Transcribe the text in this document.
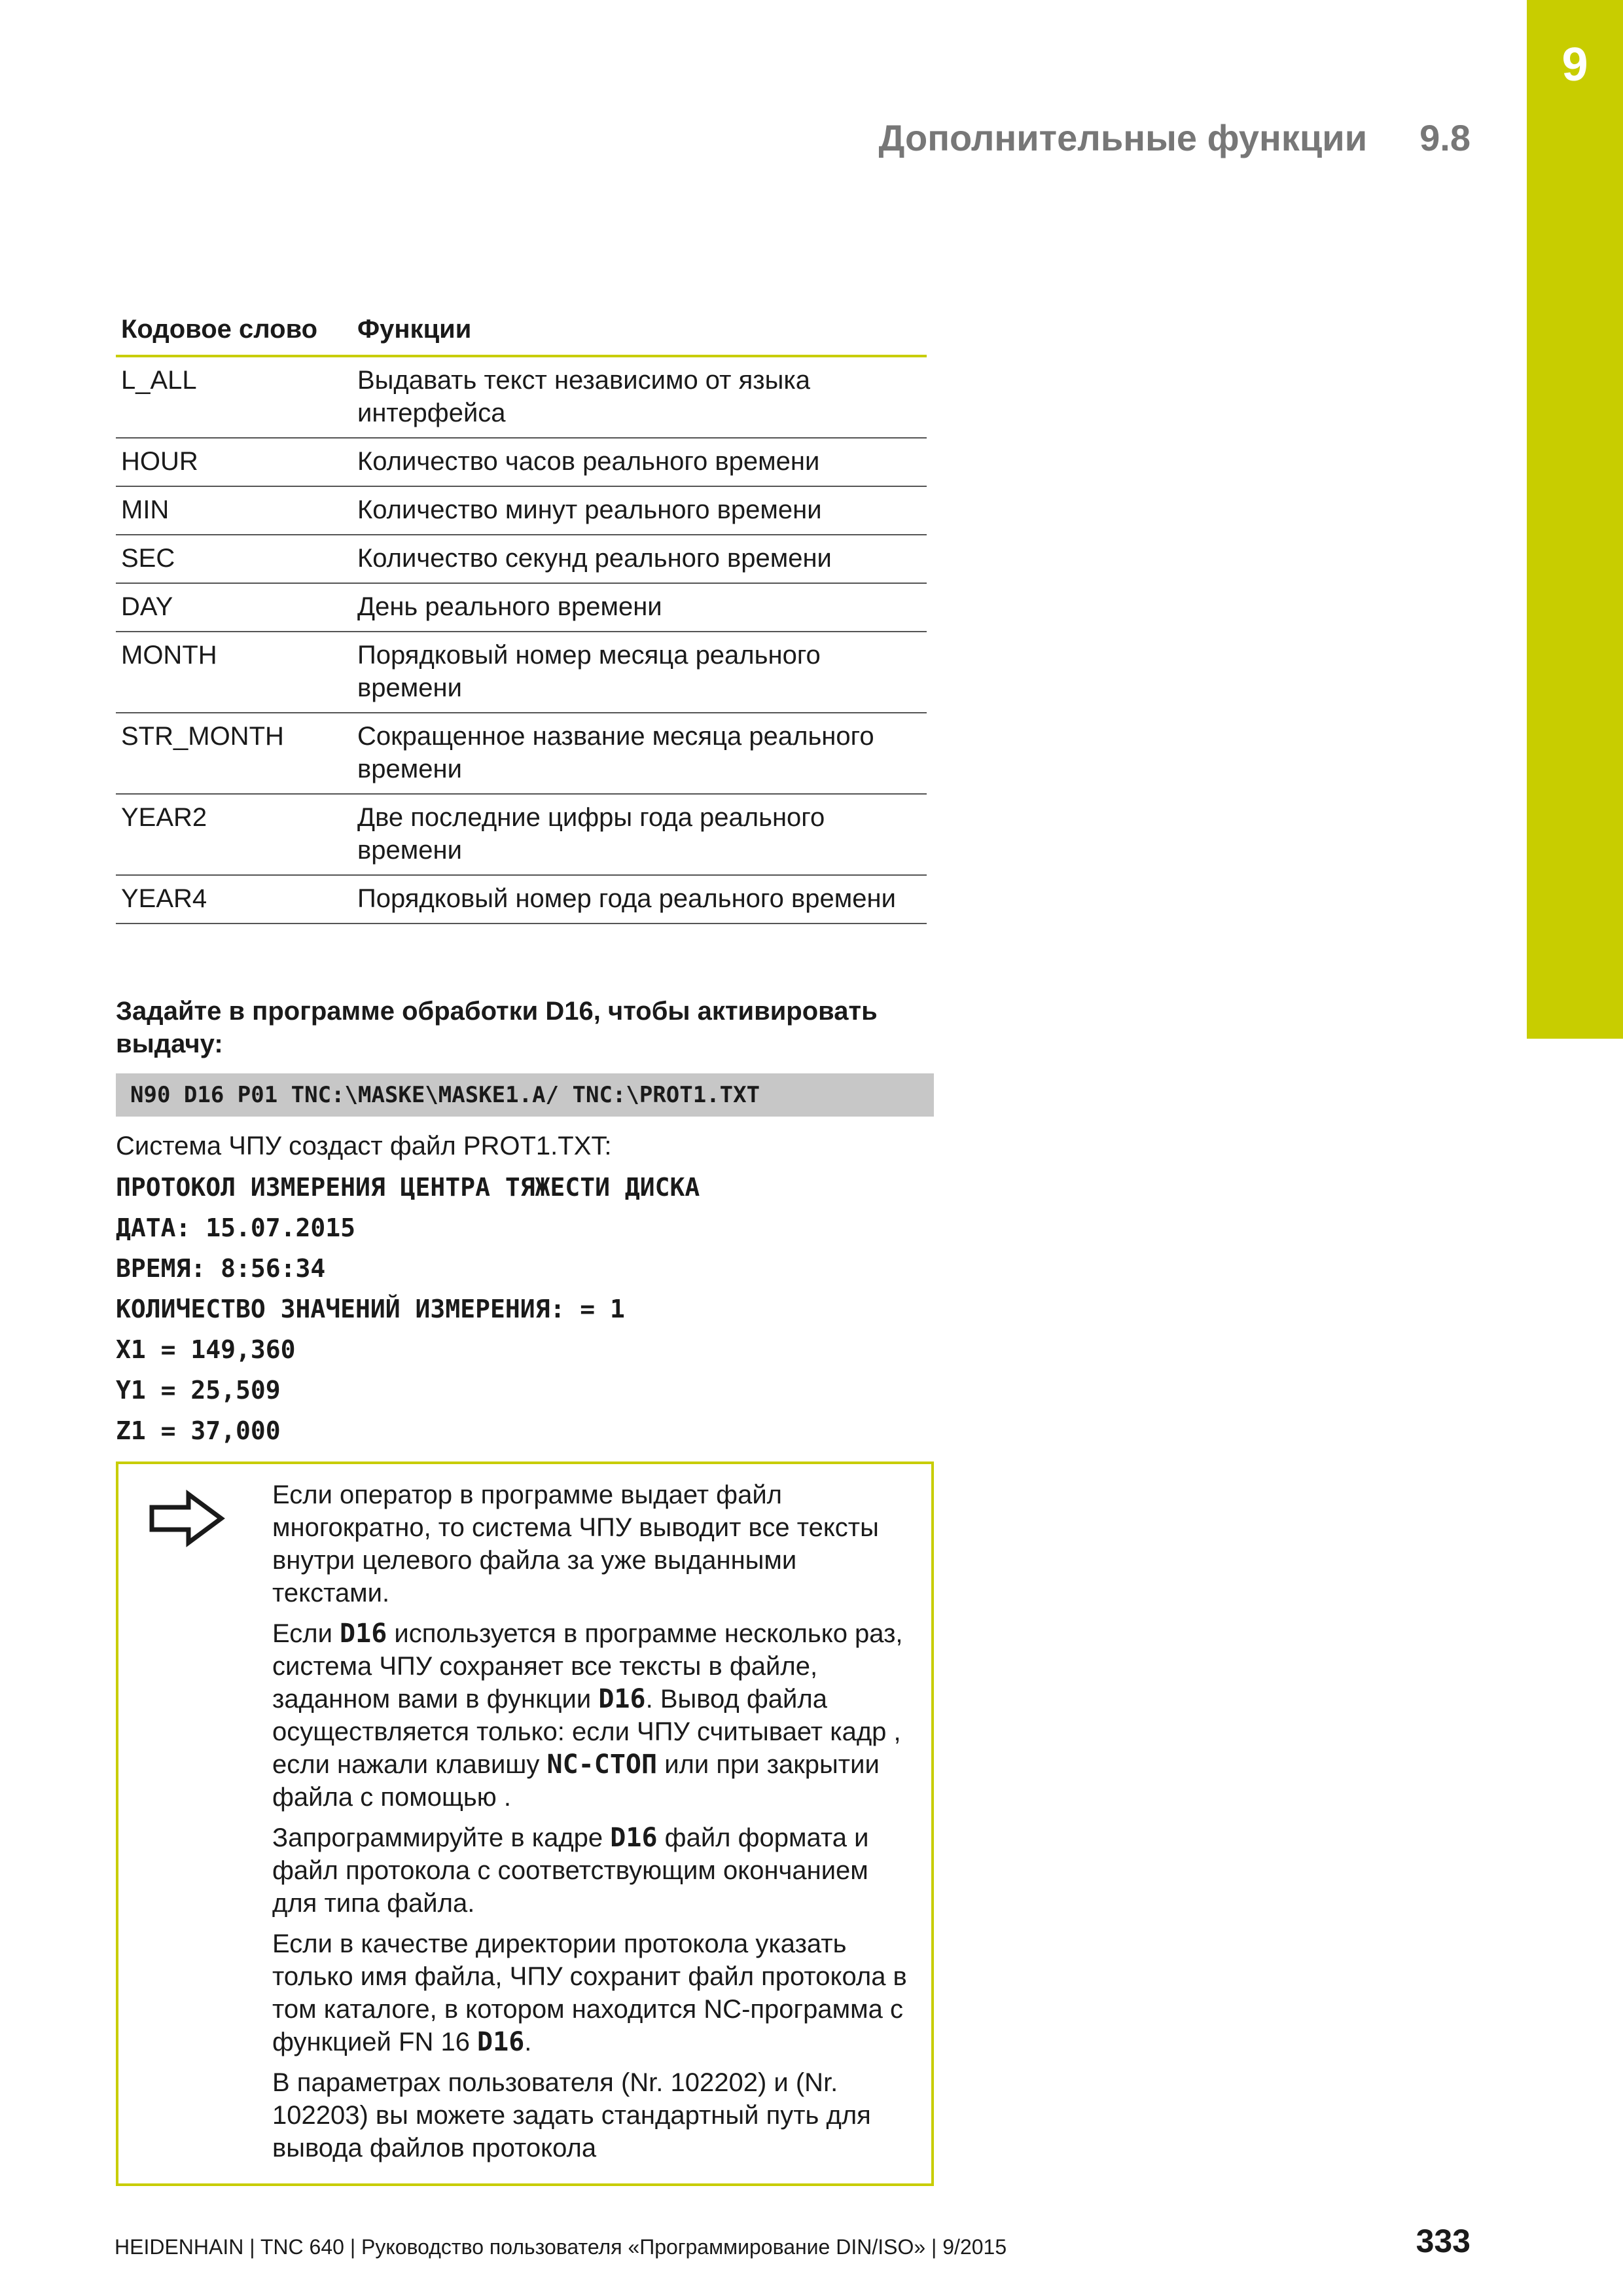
9
Дополнительные функции 9.8
Кодовое слово	Функции
L_ALL	Выдавать текст независимо от языка интерфейса
HOUR	Количество часов реального времени
MIN	Количество минут реального времени
SEC	Количество секунд реального времени
DAY	День реального времени
MONTH	Порядковый номер месяца реального времени
STR_MONTH	Сокращенное название месяца реального времени
YEAR2	Две последние цифры года реального времени
YEAR4	Порядковый номер года реального времени
Задайте в программе обработки D16, чтобы активировать выдачу:
N90 D16 P01 TNC:\MASKE\MASKE1.A/ TNC:\PROT1.TXT
Система ЧПУ создаст файл PROT1.TXT:
ПРОТОКОЛ ИЗМЕРЕНИЯ ЦЕНТРА ТЯЖЕСТИ ДИСКА
ДАТА: 15.07.2015
ВРЕМЯ: 8:56:34
КОЛИЧЕСТВО ЗНАЧЕНИЙ ИЗМЕРЕНИЯ: = 1
X1 = 149,360
Y1 = 25,509
Z1 = 37,000

Если оператор в программе выдает файл многократно, то система ЧПУ выводит все тексты внутри целевого файла за уже выданными текстами.

Если D16 используется в программе несколько раз, система ЧПУ сохраняет все тексты в файле, заданном вами в функции D16. Вывод файла осуществляется только: если ЧПУ считывает кадр , если нажали клавишу NC-СТОП или при закрытии файла с помощью .

Запрограммируйте в кадре D16 файл формата и файл протокола с соответствующим окончанием для типа файла.

Если в качестве директории протокола указать только имя файла, ЧПУ сохранит файл протокола в том каталоге, в котором находится NC-программа с функцией FN 16 D16.

В параметрах пользователя (Nr. 102202) и (Nr. 102203) вы можете задать стандартный путь для вывода файлов протокола

HEIDENHAIN | TNC 640 | Руководство пользователя «Программирование DIN/ISO» | 9/2015	333
